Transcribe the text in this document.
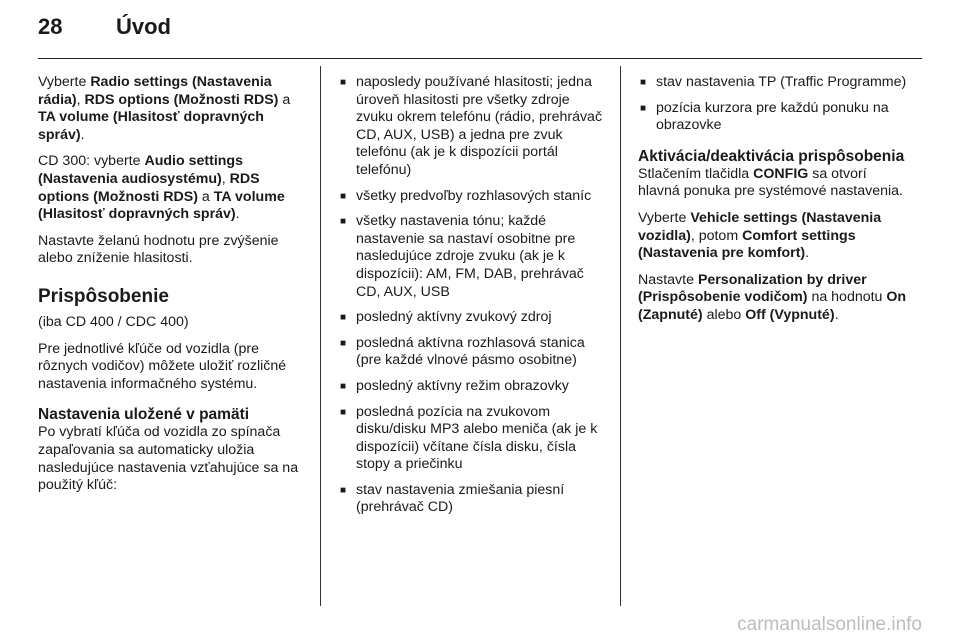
28	Úvod

Vyberte Radio settings (Nastavenia rádia), RDS options (Možnosti RDS) a TA volume (Hlasitosť dopravných správ).

CD 300: vyberte Audio settings (Nastavenia audiosystému), RDS options (Možnosti RDS) a TA volume (Hlasitosť dopravných správ).

Nastavte želanú hodnotu pre zvýšenie alebo zníženie hlasitosti.

Prispôsobenie

(iba CD 400 / CDC 400)

Pre jednotlivé kľúče od vozidla (pre rôznych vodičov) môžete uložiť rozličné nastavenia informačného systému.

Nastavenia uložené v pamäti

Po vybratí kľúča od vozidla zo spínača zapaľovania sa automaticky uložia nasledujúce nastavenia vzťahujúce sa na použitý kľúč:

■ naposledy používané hlasitosti; jedna úroveň hlasitosti pre všetky zdroje zvuku okrem telefónu (rádio, prehrávač CD, AUX, USB) a jedna pre zvuk telefónu (ak je k dispozícii portál telefónu)
■ všetky predvoľby rozhlasových staníc
■ všetky nastavenia tónu; každé nastavenie sa nastaví osobitne pre nasledujúce zdroje zvuku (ak je k dispozícii): AM, FM, DAB, prehrávač CD, AUX, USB
■ posledný aktívny zvukový zdroj
■ posledná aktívna rozhlasová stanica (pre každé vlnové pásmo osobitne)
■ posledný aktívny režim obrazovky
■ posledná pozícia na zvukovom disku/disku MP3 alebo meniča (ak je k dispozícii) včítane čísla disku, čísla stopy a priečinku
■ stav nastavenia zmiešania piesní (prehrávač CD)
■ stav nastavenia TP (Traffic Programme)
■ pozícia kurzora pre každú ponuku na obrazovke
Aktivácia/deaktivácia prispôsobenia

Stlačením tlačidla CONFIG sa otvorí hlavná ponuka pre systémové nastavenia.

Vyberte Vehicle settings (Nastavenia vozidla), potom Comfort settings (Nastavenia pre komfort).

Nastavte Personalization by driver (Prispôsobenie vodičom) na hodnotu On (Zapnuté) alebo Off (Vypnuté).

carmanualsonline.info
